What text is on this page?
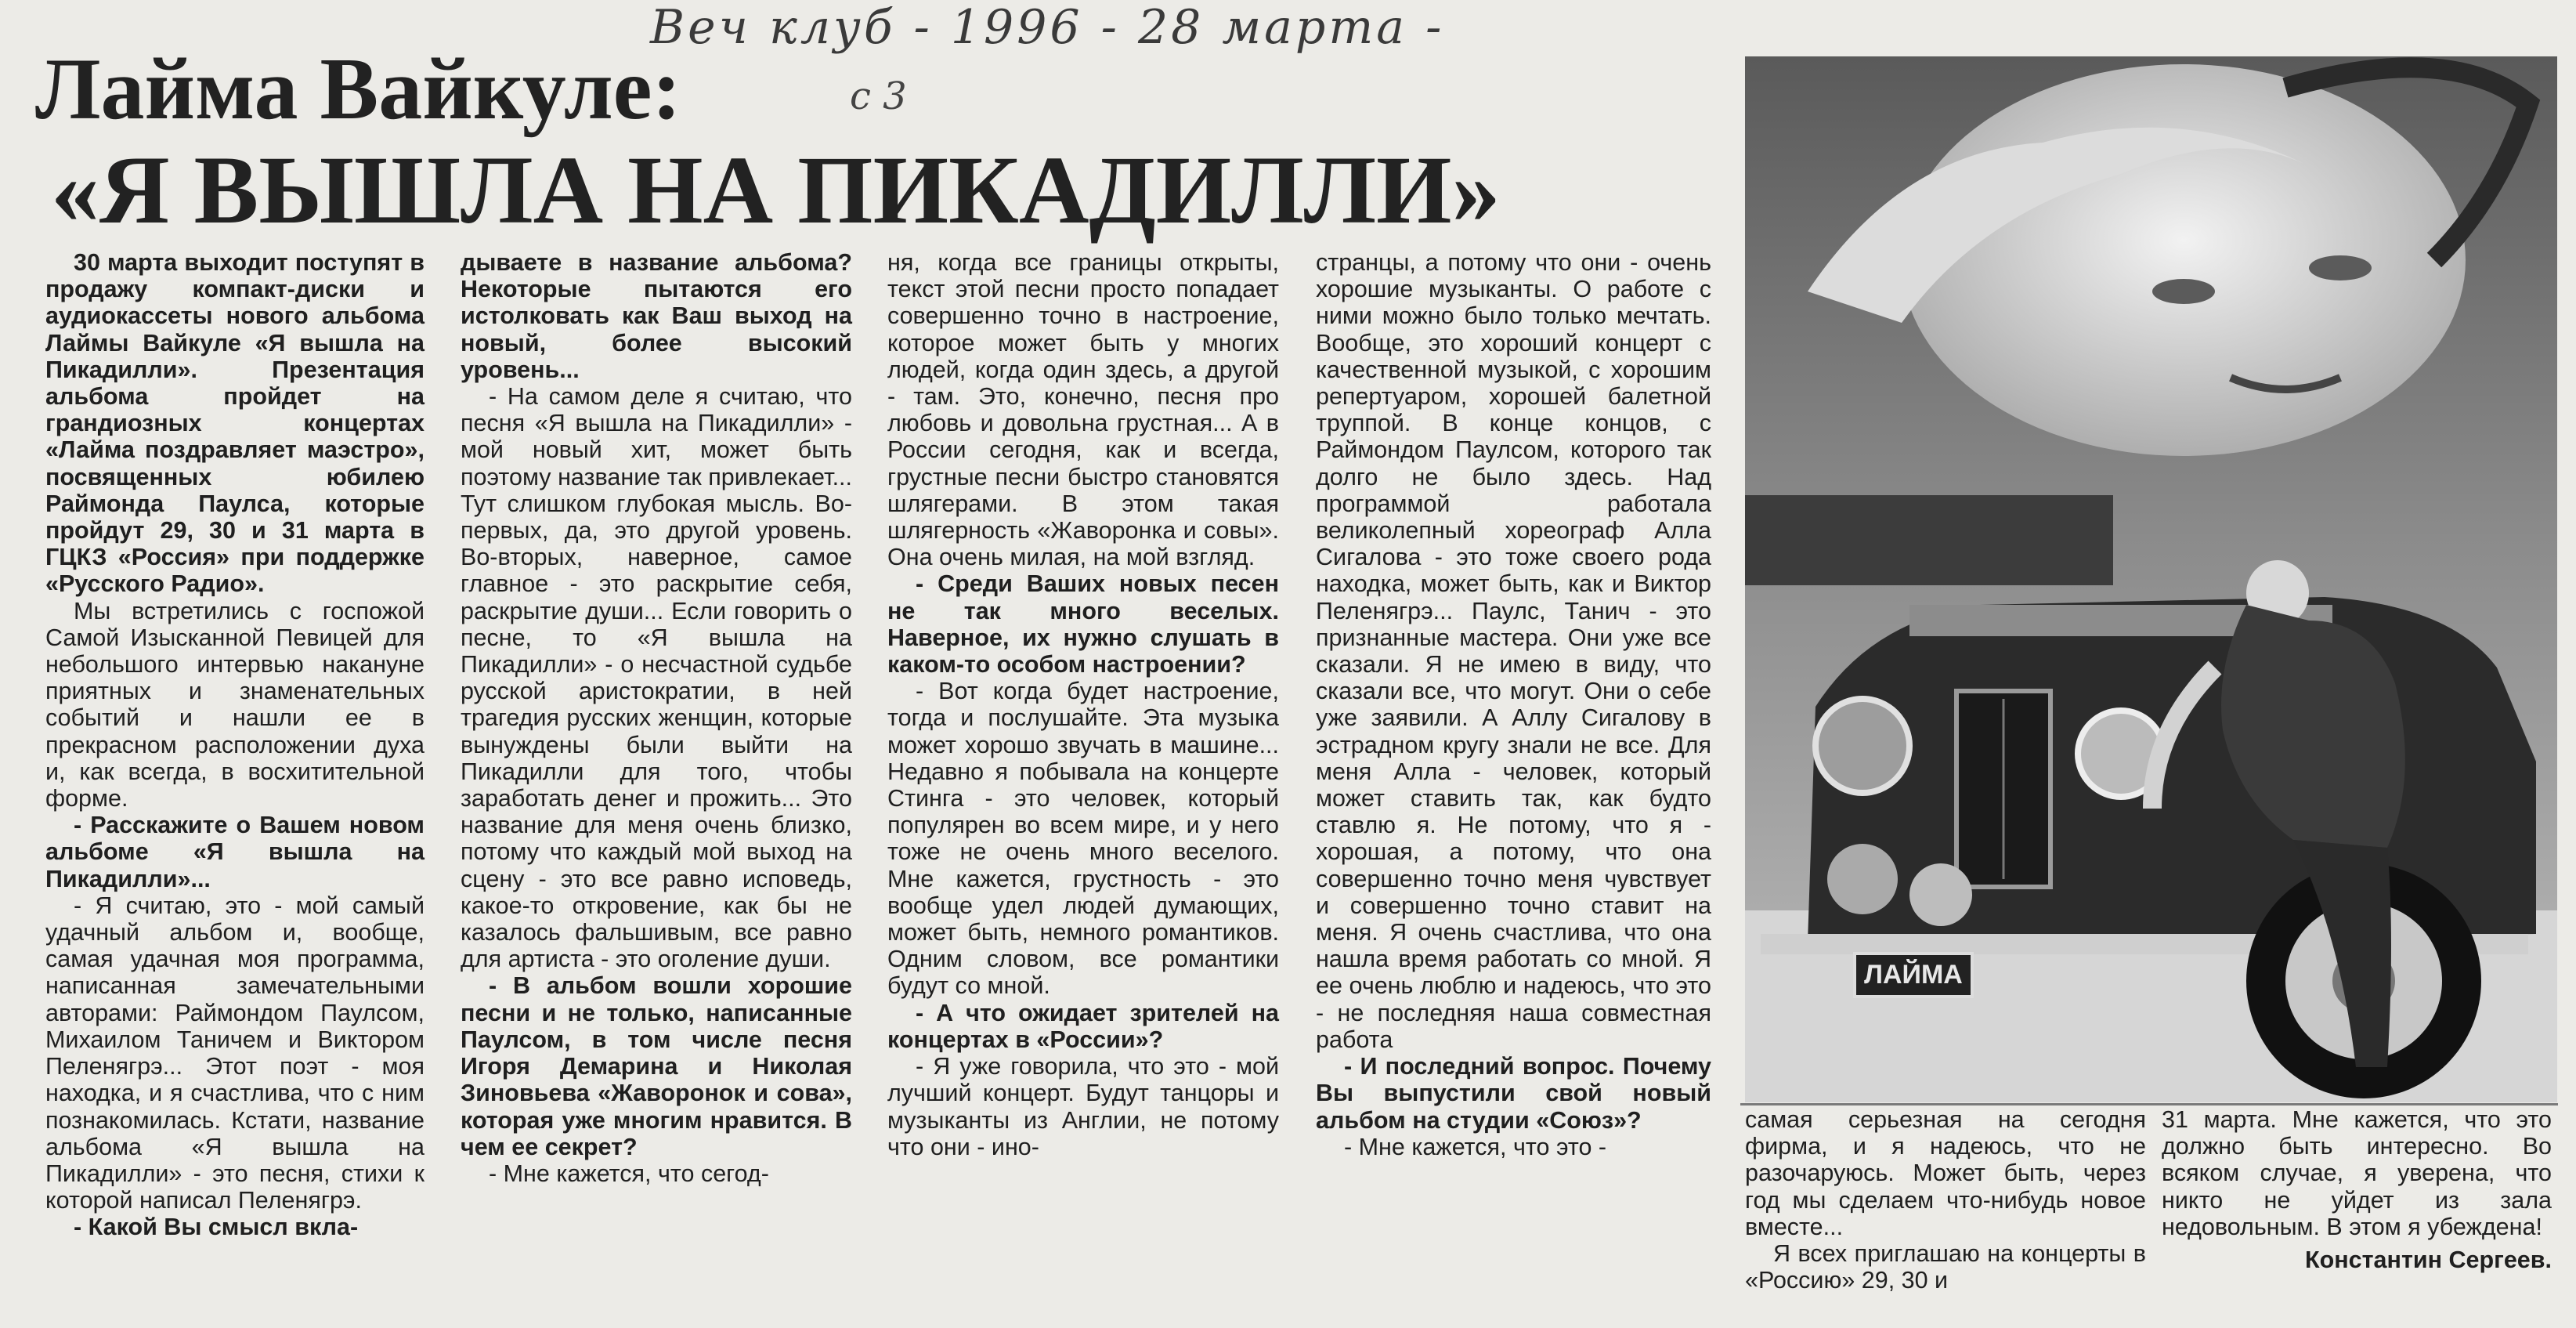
Веч клуб - 1996 - 28 марта -
с 3
Лайма Вайкуле:
«Я ВЫШЛА НА ПИКАДИЛЛИ»

30 марта выходит поступят в продажу компакт-диски и аудиокассеты нового альбома Лаймы Вайкуле «Я вышла на Пикадилли». Презентация альбома пройдет на грандиозных концертах «Лайма поздравляет маэстро», посвященных юбилею Раймонда Паулса, которые пройдут 29, 30 и 31 марта в ГЦКЗ «Россия» при поддержке «Русского Радио».

Мы встретились с госпожой Самой Изысканной Певицей для небольшого интервью накануне приятных и знаменательных событий и нашли ее в прекрасном расположении духа и, как всегда, в восхитительной форме.

- Расскажите о Вашем новом альбоме «Я вышла на Пикадилли»...

- Я считаю, это - мой самый удачный альбом и, вообще, самая удачная моя программа, написанная замечательными авторами: Раймондом Паулсом, Михаилом Таничем и Виктором Пеленягрэ... Этот поэт - моя находка, и я счастлива, что с ним познакомилась. Кстати, название альбома «Я вышла на Пикадилли» - это песня, стихи к которой написал Пеленягрэ.

- Какой Вы смысл вкла-

дываете в название альбома? Некоторые пытаются его истолковать как Ваш выход на новый, более высокий уровень...

- На самом деле я считаю, что песня «Я вышла на Пикадилли» - мой новый хит, может быть поэтому название так привлекает... Тут слишком глубокая мысль. Во-первых, да, это другой уровень. Во-вторых, наверное, самое главное - это раскрытие себя, раскрытие души... Если говорить о песне, то «Я вышла на Пикадилли» - о несчастной судьбе русской аристократии, в ней трагедия русских женщин, которые вынуждены были выйти на Пикадилли для того, чтобы заработать денег и прожить... Это название для меня очень близко, потому что каждый мой выход на сцену - это все равно исповедь, какое-то откровение, как бы не казалось фальшивым, все равно для артиста - это оголение души.

- В альбом вошли хорошие песни и не только, написанные Паулсом, в том числе песня Игоря Демарина и Николая Зиновьева «Жаворонок и сова», которая уже многим нравится. В чем ее секрет?

- Мне кажется, что сегод-

ня, когда все границы открыты, текст этой песни просто попадает совершенно точно в настроение, которое может быть у многих людей, когда один здесь, а другой - там. Это, конечно, песня про любовь и довольна грустная... А в России сегодня, как и всегда, грустные песни быстро становятся шлягерами. В этом такая шлягерность «Жаворонка и совы». Она очень милая, на мой взгляд.

- Среди Ваших новых песен не так много веселых. Наверное, их нужно слушать в каком-то особом настроении?

- Вот когда будет настроение, тогда и послушайте. Эта музыка может хорошо звучать в машине... Недавно я побывала на концерте Стинга - это человек, который популярен во всем мире, и у него тоже не очень много веселого. Мне кажется, грустность - это вообще удел людей думающих, может быть, немного романтиков. Одним словом, все романтики будут со мной.

- А что ожидает зрителей на концертах в «России»?

- Я уже говорила, что это - мой лучший концерт. Будут танцоры и музыканты из Англии, не потому что они - ино-

странцы, а потому что они - очень хорошие музыканты. О работе с ними можно было только мечтать. Вообще, это хороший концерт с качественной музыкой, с хорошим репертуаром, хорошей балетной труппой. В конце концов, с Раймондом Паулсом, которого так долго не было здесь. Над программой работала великолепный хореограф Алла Сигалова - это тоже своего рода находка, может быть, как и Виктор Пеленягрэ... Паулс, Танич - это признанные мастера. Они уже все сказали. Я не имею в виду, что сказали все, что могут. Они о себе уже заявили. А Аллу Сигалову в эстрадном кругу знали не все. Для меня Алла - человек, который может ставить так, как будто ставлю я. Не потому, что я - хорошая, а потому, что она совершенно точно меня чувствует и совершенно точно ставит на меня. Я очень счастлива, что она нашла время работать со мной. Я ее очень люблю и надеюсь, что это - не последняя наша совместная работа

- И последний вопрос. Почему Вы выпустили свой новый альбом на студии «Союз»?

- Мне кажется, что это -

ЛАЙМА

самая серьезная на сегодня фирма, и я надеюсь, что не разочаруюсь. Может быть, через год мы сделаем что-нибудь новое вместе...

Я всех приглашаю на концерты в «Россию» 29, 30 и

31 марта. Мне кажется, что это должно быть интересно. Во всяком случае, я уверена, что никто не уйдет из зала недовольным. В этом я убеждена!

Константин Сергеев.
